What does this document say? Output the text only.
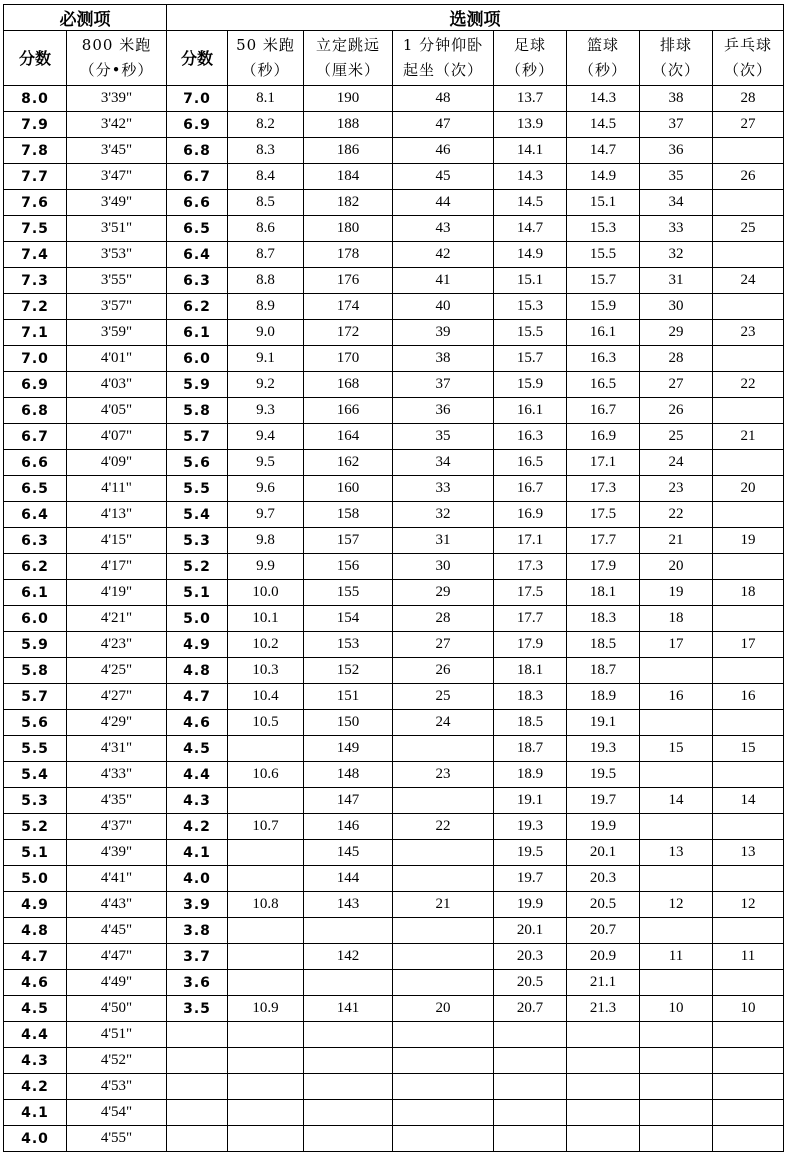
必测项		选测项							
分数	800 米跑
（分•秒）	分数	50 米跑
（秒）	立定跳远
（厘米）	1 分钟仰卧
起坐（次）	足球
（秒）	篮球
（秒）	排球
（次）	乒乓球
（次）

8.0	3'39"	7.0	8.1	190	48	13.7	14.3	38	28
7.9	3'42"	6.9	8.2	188	47	13.9	14.5	37	27
7.8	3'45"	6.8	8.3	186	46	14.1	14.7	36	
7.7	3'47"	6.7	8.4	184	45	14.3	14.9	35	26
7.6	3'49"	6.6	8.5	182	44	14.5	15.1	34	
7.5	3'51"	6.5	8.6	180	43	14.7	15.3	33	25
7.4	3'53"	6.4	8.7	178	42	14.9	15.5	32	
7.3	3'55"	6.3	8.8	176	41	15.1	15.7	31	24
7.2	3'57"	6.2	8.9	174	40	15.3	15.9	30	
7.1	3'59"	6.1	9.0	172	39	15.5	16.1	29	23
7.0	4'01"	6.0	9.1	170	38	15.7	16.3	28	
6.9	4'03"	5.9	9.2	168	37	15.9	16.5	27	22
6.8	4'05"	5.8	9.3	166	36	16.1	16.7	26	
6.7	4'07"	5.7	9.4	164	35	16.3	16.9	25	21
6.6	4'09"	5.6	9.5	162	34	16.5	17.1	24	
6.5	4'11"	5.5	9.6	160	33	16.7	17.3	23	20
6.4	4'13"	5.4	9.7	158	32	16.9	17.5	22	
6.3	4'15"	5.3	9.8	157	31	17.1	17.7	21	19
6.2	4'17"	5.2	9.9	156	30	17.3	17.9	20	
6.1	4'19"	5.1	10.0	155	29	17.5	18.1	19	18
6.0	4'21"	5.0	10.1	154	28	17.7	18.3	18	
5.9	4'23"	4.9	10.2	153	27	17.9	18.5	17	17
5.8	4'25"	4.8	10.3	152	26	18.1	18.7		
5.7	4'27"	4.7	10.4	151	25	18.3	18.9	16	16
5.6	4'29"	4.6	10.5	150	24	18.5	19.1		
5.5	4'31"	4.5		149		18.7	19.3	15	15
5.4	4'33"	4.4	10.6	148	23	18.9	19.5		
5.3	4'35"	4.3		147		19.1	19.7	14	14
5.2	4'37"	4.2	10.7	146	22	19.3	19.9		
5.1	4'39"	4.1		145		19.5	20.1	13	13
5.0	4'41"	4.0		144		19.7	20.3		
4.9	4'43"	3.9	10.8	143	21	19.9	20.5	12	12
4.8	4'45"	3.8				20.1	20.7		
4.7	4'47"	3.7		142		20.3	20.9	11	11
4.6	4'49"	3.6				20.5	21.1		
4.5	4'50"	3.5	10.9	141	20	20.7	21.3	10	10
4.4	4'51"								
4.3	4'52"								
4.2	4'53"								
4.1	4'54"								
4.0	4'55"								
